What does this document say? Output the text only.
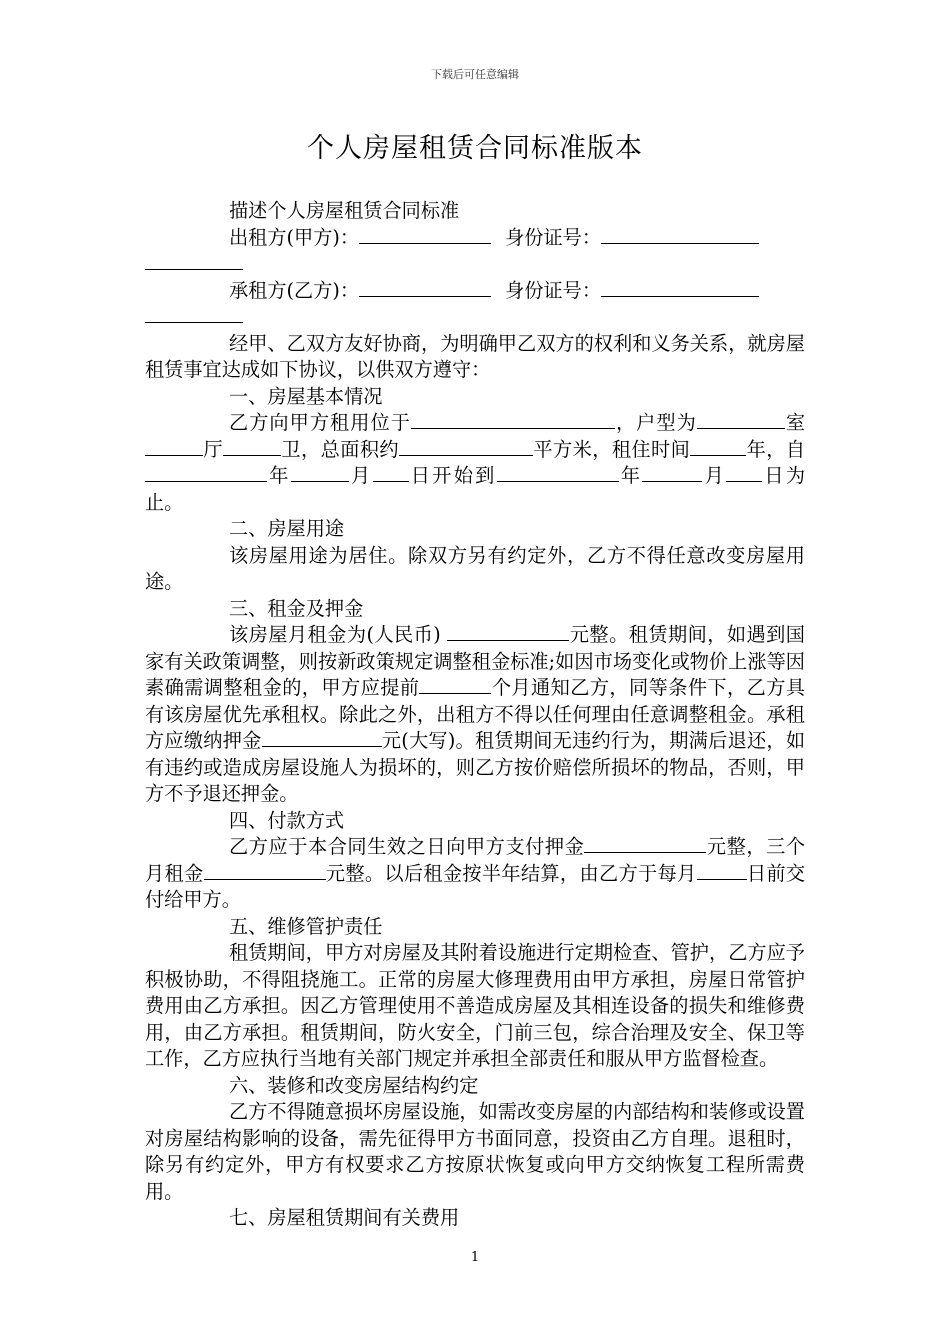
下载后可任意编辑
个人房屋租赁合同标准版本

描述个人房屋租赁合同标准

出租方(甲方)：	身份证号：

承租方(乙方)：	身份证号：

经甲、乙双方友好协商，为明确甲乙双方的权利和义务关系，就房屋租赁事宜达成如下协议，以供双方遵守：

一、房屋基本情况

乙方向甲方租用位于	，户型为	室厅	卫，总面积约	平方米，租住时间	年，自年	月 日开始到	年	月 日为止。

二、房屋用途

该房屋用途为居住。除双方另有约定外，乙方不得任意改变房屋用途。

三、租金及押金

该房屋月租金为(人民币)	元整。租赁期间，如遇到国家有关政策调整，则按新政策规定调整租金标准;如因市场变化或物价上涨等因素确需调整租金的，甲方应提前	个月通知乙方，同等条件下，乙方具有该房屋优先承租权。除此之外，出租方不得以任何理由任意调整租金。承租方应缴纳押金	元(大写)。租赁期间无违约行为，期满后退还，如有违约或造成房屋设施人为损坏的，则乙方按价赔偿所损坏的物品，否则，甲方不予退还押金。

四、付款方式

乙方应于本合同生效之日向甲方支付押金	元整，三个月租金	元整。以后租金按半年结算，由乙方于每月	日前交付给甲方。

五、维修管护责任

租赁期间，甲方对房屋及其附着设施进行定期检查、管护，乙方应予积极协助，不得阻挠施工。正常的房屋大修理费用由甲方承担，房屋日常管护费用由乙方承担。因乙方管理使用不善造成房屋及其相连设备的损失和维修费用，由乙方承担。租赁期间，防火安全，门前三包，综合治理及安全、保卫等工作，乙方应执行当地有关部门规定并承担全部责任和服从甲方监督检查。

六、装修和改变房屋结构约定

乙方不得随意损坏房屋设施，如需改变房屋的内部结构和装修或设置对房屋结构影响的设备，需先征得甲方书面同意，投资由乙方自理。退租时，除另有约定外，甲方有权要求乙方按原状恢复或向甲方交纳恢复工程所需费用。

七、房屋租赁期间有关费用

1
